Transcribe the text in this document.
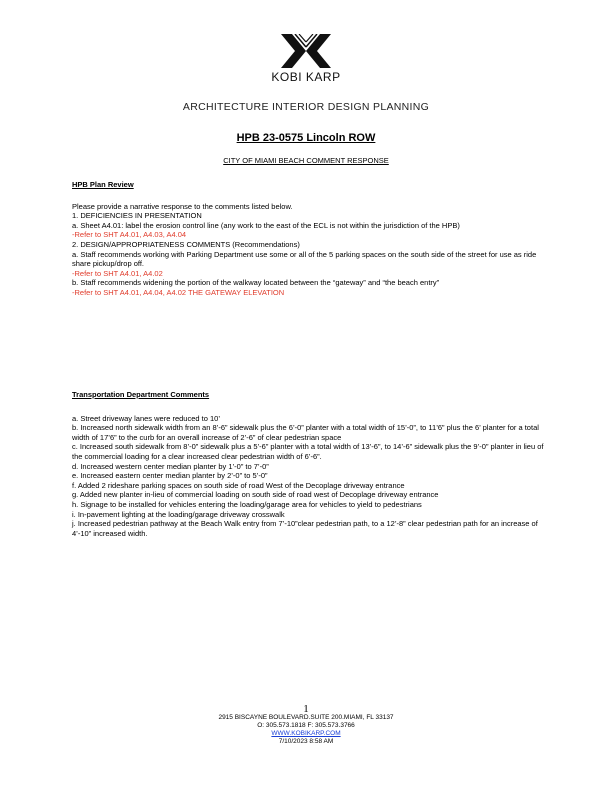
KOBI KARP
ARCHITECTURE INTERIOR DESIGN PLANNING
HPB 23-0575 Lincoln ROW
CITY OF MIAMI BEACH COMMENT RESPONSE
HPB Plan Review
Please provide a narrative response to the comments listed below.
1. DEFICIENCIES IN PRESENTATION
a. Sheet A4.01: label the erosion control line (any work to the east of the ECL is not within the jurisdiction of the HPB)
-Refer to SHT A4.01, A4.03, A4.04
2. DESIGN/APPROPRIATENESS COMMENTS (Recommendations)
a. Staff recommends working with Parking Department use some or all of the 5 parking spaces on the south side of the street for use as ride share pickup/drop off.
-Refer to SHT A4.01, A4.02
b. Staff recommends widening the portion of the walkway located between the “gateway” and “the beach entry”
-Refer to SHT A4.01, A4.04, A4.02 THE GATEWAY ELEVATION
Transportation Department Comments
a. Street driveway lanes were reduced to 10’
b. Increased north sidewalk width from an 8’-6” sidewalk plus the 6’-0” planter with a total width of 15’-0”, to 11’6” plus the 6’ planter for a total width of 17’6” to the curb for an overall increase of 2’-6” of clear pedestrian space
c. Increased south sidewalk from 8’-0” sidewalk plus a 5’-6” planter with a total width of 13’-6”, to 14’-6” sidewalk plus the 9’-0” planter in lieu of the commercial loading for a clear increased clear pedestrian width of 6’-6”.
d. Increased western center median planter by 1’-0” to 7’-0”
e. Increased eastern center median planter by 2’-0” to 5’-0”
f. Added 2 rideshare parking spaces on south side of road West of the Decoplage driveway entrance
g. Added new planter in-lieu of commercial loading on south side of road west of Decoplage driveway entrance
h. Signage to be installed for vehicles entering the loading/garage area for vehicles to yield to pedestrians
i. In-pavement lighting at the loading/garage driveway crosswalk
j. Increased pedestrian pathway at the Beach Walk entry from 7’-10”clear pedestrian path, to a 12’-8” clear pedestrian path for an increase of 4’-10” increased width.
1
2915 BISCAYNE BOULEVARD.SUITE 200.MIAMI, FL 33137
O: 305.573.1818 F: 305.573.3766
WWW.KOBIKARP.COM
7/10/2023 8:58 AM
